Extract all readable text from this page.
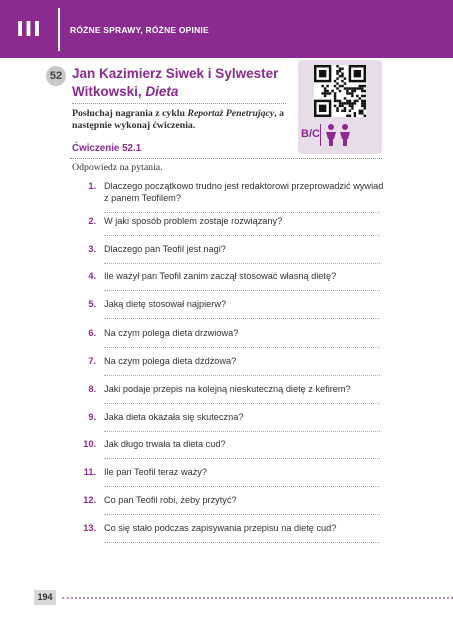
III	RÓŻNE SPRAWY, RÓŻNE OPINIE
52 Jan Kazimierz Siwek i Sylwester Witkowski, Dieta
Posłuchaj nagrania z cyklu Reportaż Penetrujący, a następnie wykonaj ćwiczenia.
B/C
Ćwiczenie 52.1
Odpowiedz na pytania.
1. Dlaczego początkowo trudno jest redaktorowi przeprowadzić wywiad
z panem Teofilem?
2. W jaki sposób problem zostaje rozwiązany?
3. Dlaczego pan Teofil jest nagi?
4. Ile ważył pan Teofil zanim zaczął stosować własną dietę?
5. Jaką dietę stosował najpierw?
6. Na czym polega dieta drzwiowa?
7. Na czym polega dieta dżdżowa?
8. Jaki podaje przepis na kolejną nieskuteczną dietę z kefirem?
9. Jaka dieta okazała się skuteczna?
10. Jak długo trwała ta dieta cud?
11. Ile pan Teofil teraz waży?
12. Co pan Teofil robi, żeby przytyć?
13. Co się stało podczas zapisywania przepisu na dietę cud?
194
